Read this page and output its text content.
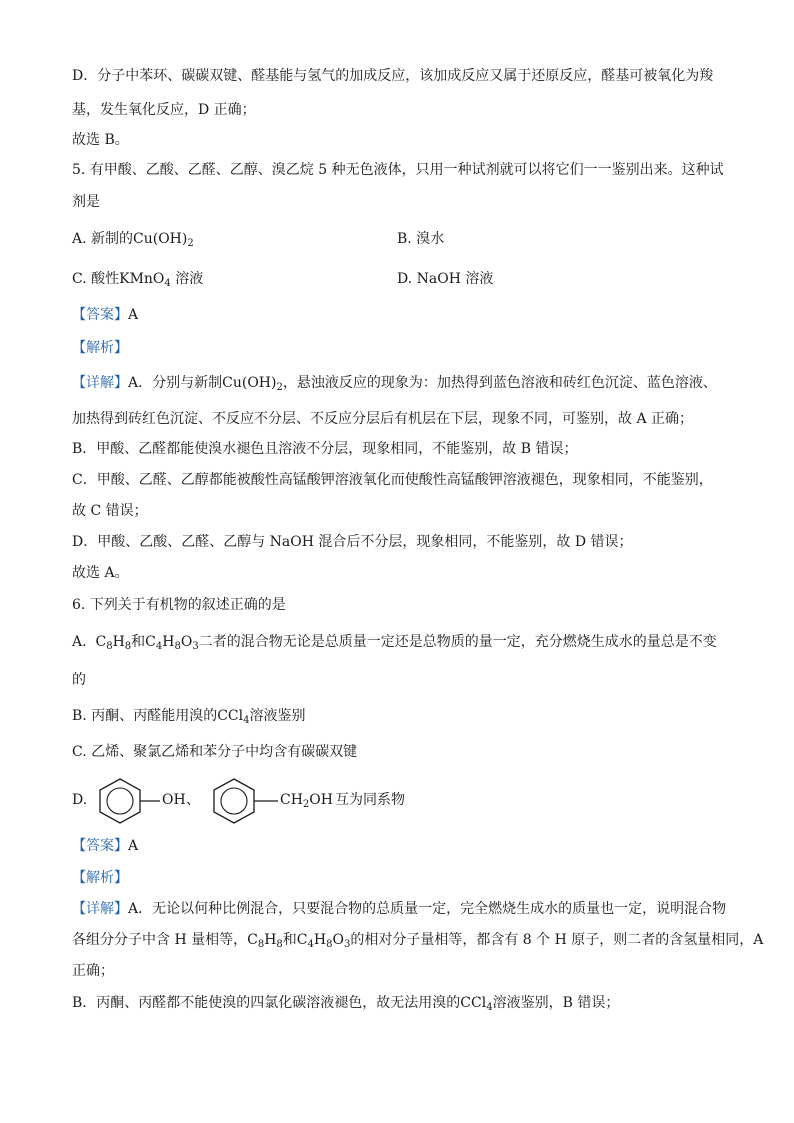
D．分子中苯环、碳碳双键、醛基能与氢气的加成反应，该加成反应又属于还原反应，醛基可被氧化为羧
基，发生氧化反应，D 正确；
故选 B。
5. 有甲酸、乙酸、乙醛、乙醇、溴乙烷 5 种无色液体，只用一种试剂就可以将它们一一鉴别出来。这种试
剂是
A. 新制的$Cu(OH)_2$	B. 溴水
C. 酸性KMnO$_4$ 溶液	D. NaOH 溶液
【答案】A
【解析】
【详解】A．分别与新制$Cu(OH)_2$，悬浊液反应的现象为：加热得到蓝色溶液和砖红色沉淀、蓝色溶液、
加热得到砖红色沉淀、不反应不分层、不反应分层后有机层在下层，现象不同，可鉴别，故 A 正确；
B．甲酸、乙醛都能使溴水褪色且溶液不分层，现象相同，不能鉴别，故 B 错误；
C．甲酸、乙醛、乙醇都能被酸性高锰酸钾溶液氧化而使酸性高锰酸钾溶液褪色，现象相同，不能鉴别，
故 C 错误；
D．甲酸、乙酸、乙醛、乙醇与 NaOH 混合后不分层，现象相同，不能鉴别，故 D 错误；
故选 A。
6. 下列关于有机物的叙述正确的是
A. $C_8H_8$和$C_4H_8O_3$二者的混合物无论是总质量一定还是总物质的量一定，充分燃烧生成水的量总是不变
的
B. 丙酮、丙醛能用溴的CCl$_4$溶液鉴别
C. 乙烯、聚氯乙烯和苯分子中均含有碳碳双键
D.	OH 、	$CH_2OH$ 互为同系物
【答案】A
【解析】
【详解】A．无论以何种比例混合，只要混合物的总质量一定，完全燃烧生成水的质量也一定，说明混合物
各组分分子中含 H 量相等，$C_8H_8$和$C_4H_8O_3$的相对分子量相等，都含有 8 个 H 原子，则二者的含氢量相同，A
正确；
B．丙酮、丙醛都不能使溴的四氯化碳溶液褪色，故无法用溴的CCl$_4$溶液鉴别，B 错误；
